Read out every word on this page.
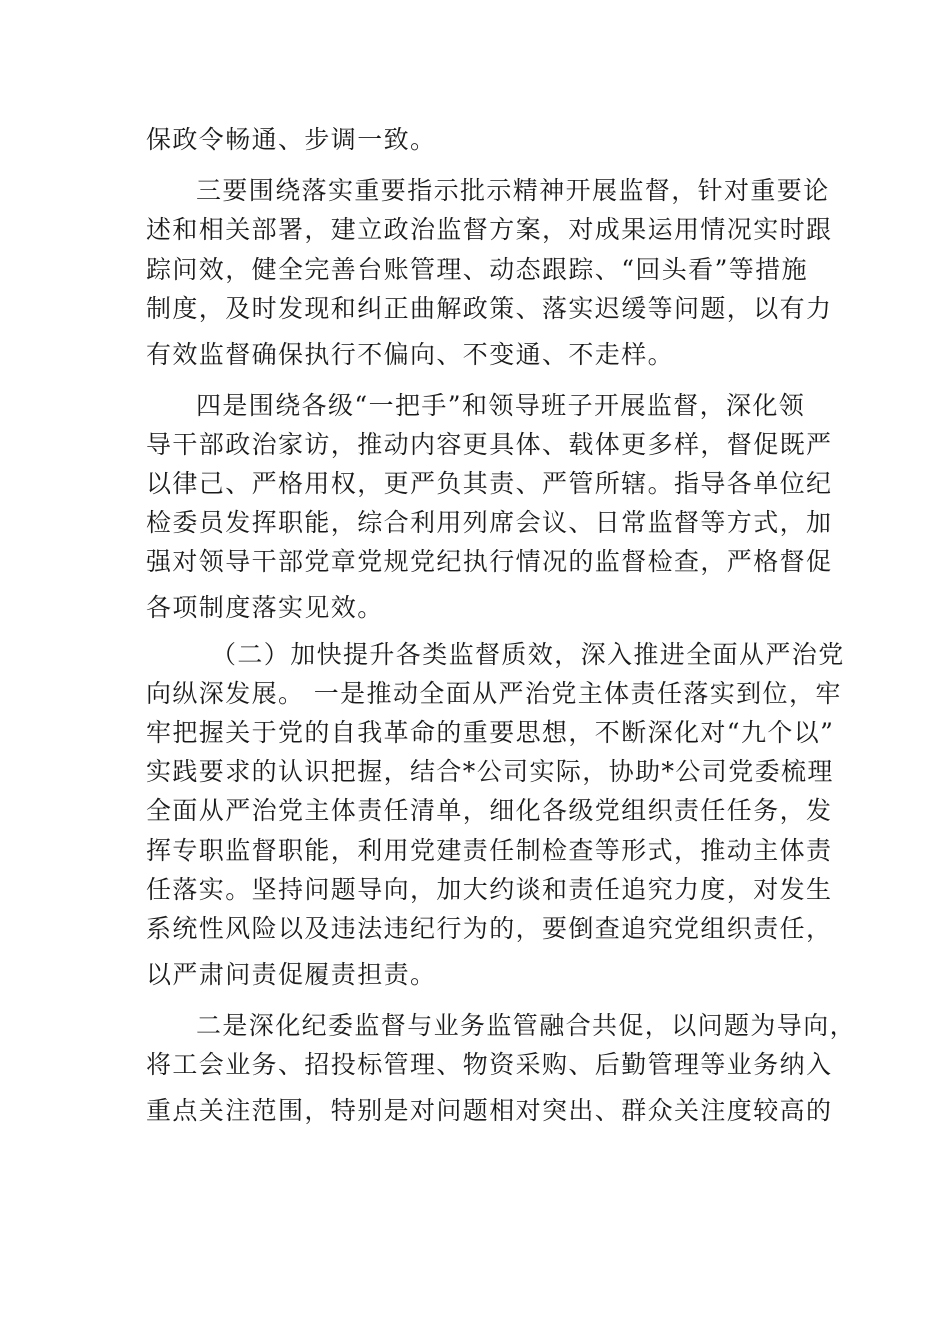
保政令畅通、步调一致。
三要围绕落实重要指示批示精神开展监督，针对重要论
述和相关部署，建立政治监督方案，对成果运用情况实时跟
踪问效，健全完善台账管理、动态跟踪、“回头看”等措施
制度，及时发现和纠正曲解政策、落实迟缓等问题，以有力
有效监督确保执行不偏向、不变通、不走样。
四是围绕各级“一把手”和领导班子开展监督，深化领
导干部政治家访，推动内容更具体、载体更多样，督促既严
以律己、严格用权，更严负其责、严管所辖。指导各单位纪
检委员发挥职能，综合利用列席会议、日常监督等方式，加
强对领导干部党章党规党纪执行情况的监督检查，严格督促
各项制度落实见效。
（二）加快提升各类监督质效，深入推进全面从严治党
向纵深发展。 一是推动全面从严治党主体责任落实到位，牢
牢把握关于党的自我革命的重要思想，不断深化对“九个以”
实践要求的认识把握，结合*公司实际，协助*公司党委梳理
全面从严治党主体责任清单，细化各级党组织责任任务，发
挥专职监督职能，利用党建责任制检查等形式，推动主体责
任落实。坚持问题导向，加大约谈和责任追究力度，对发生
系统性风险以及违法违纪行为的，要倒查追究党组织责任，
以严肃问责促履责担责。
二是深化纪委监督与业务监管融合共促，以问题为导向，
将工会业务、招投标管理、物资采购、后勤管理等业务纳入
重点关注范围，特别是对问题相对突出、群众关注度较高的
